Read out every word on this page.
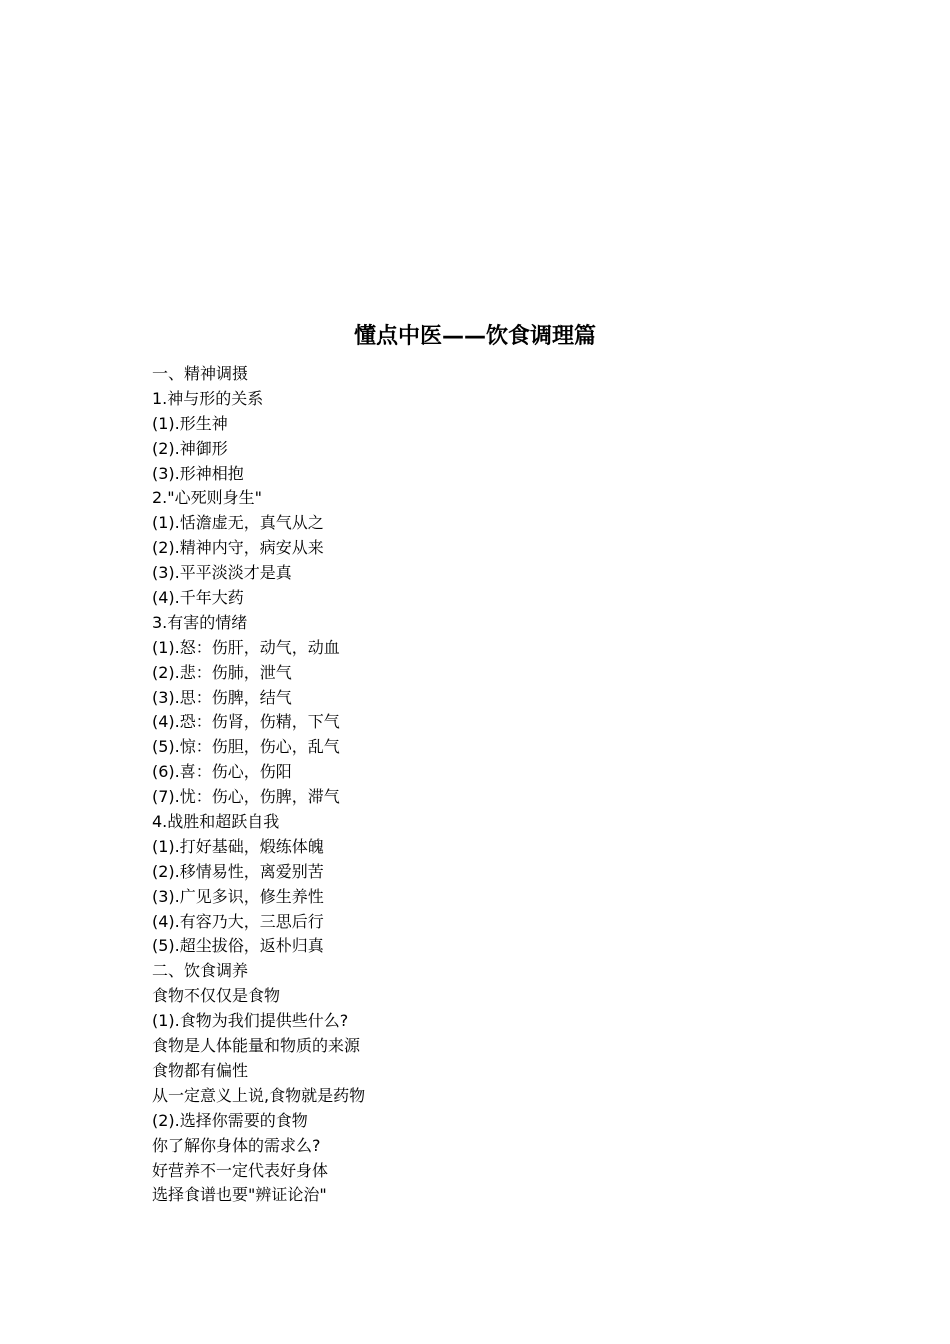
懂点中医——饮食调理篇
一、精神调摄
1.神与形的关系
(1).形生神
(2).神御形
(3).形神相抱
2."心死则身生"
(1).恬澹虚无，真气从之
(2).精神内守，病安从来
(3).平平淡淡才是真
(4).千年大药
3.有害的情绪
(1).怒：伤肝，动气，动血
(2).悲：伤肺，泄气
(3).思：伤脾，结气
(4).恐：伤肾，伤精，下气
(5).惊：伤胆，伤心，乱气
(6).喜：伤心，伤阳
(7).忧：伤心，伤脾，滞气
4.战胜和超跃自我
(1).打好基础，煅练体魄
(2).移情易性，离爱别苦
(3).广见多识，修生养性
(4).有容乃大，三思后行
(5).超尘拔俗，返朴归真
二、饮食调养
食物不仅仅是食物
(1).食物为我们提供些什么?
食物是人体能量和物质的来源
食物都有偏性
从一定意义上说,食物就是药物
(2).选择你需要的食物
你了解你身体的需求么?
好营养不一定代表好身体
选择食谱也要"辨证论治"
